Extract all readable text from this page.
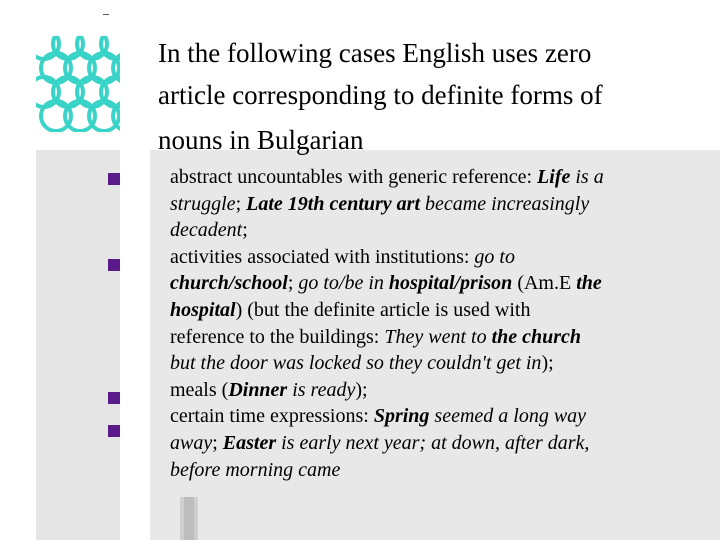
In the following cases English uses zero
article corresponding to definite forms of
nouns in Bulgarian
abstract uncountables with generic reference: Life is a
struggle; Late 19th century art became increasingly
decadent;
activities associated with institutions: go to
church/school; go to/be in hospital/prison (Am.E the
hospital) (but the definite article is used with
reference to the buildings: They went to the church
but the door was locked so they couldn't get in);
meals (Dinner is ready);
certain time expressions: Spring seemed a long way
away; Easter is early next year; at down, after dark,
before morning came
